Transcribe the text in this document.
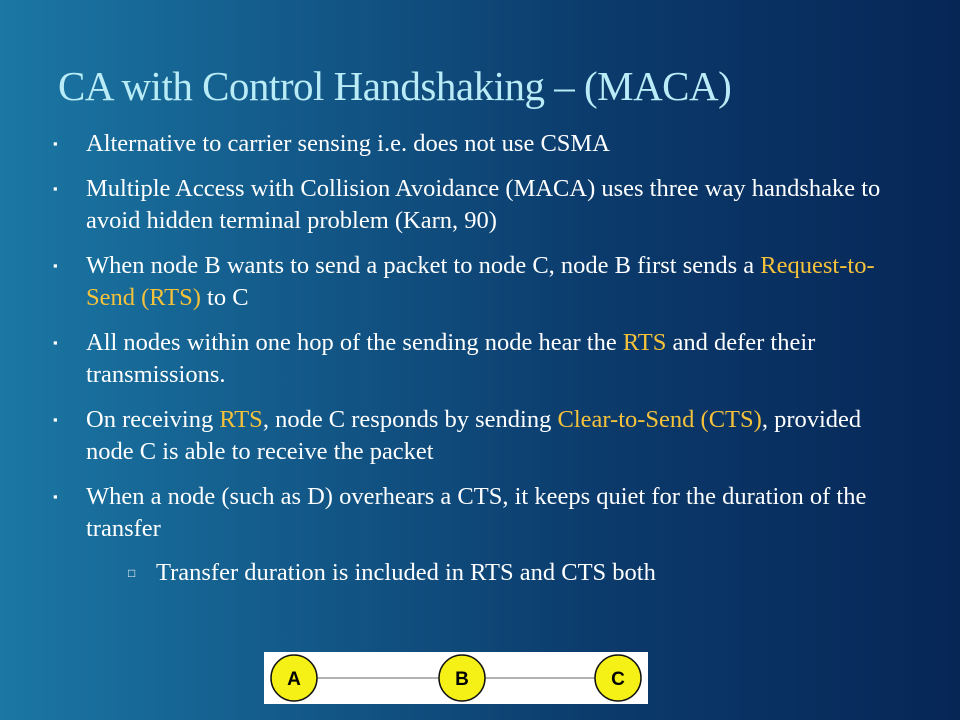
CA with Control Handshaking – (MACA)
▪ Alternative to carrier sensing i.e. does not use CSMA
▪ Multiple Access with Collision Avoidance (MACA) uses three way handshake to avoid hidden terminal problem (Karn, 90)
▪ When node B wants to send a packet to node C, node B first sends a Request-to-Send (RTS) to C
▪ All nodes within one hop of the sending node hear the RTS and defer their transmissions.
▪ On receiving RTS, node C responds by sending Clear-to-Send (CTS), provided node C is able to receive the packet
▪ When a node (such as D) overhears a CTS, it keeps quiet for the duration of the transfer
□ Transfer duration is included in RTS and CTS both
A	B	C
